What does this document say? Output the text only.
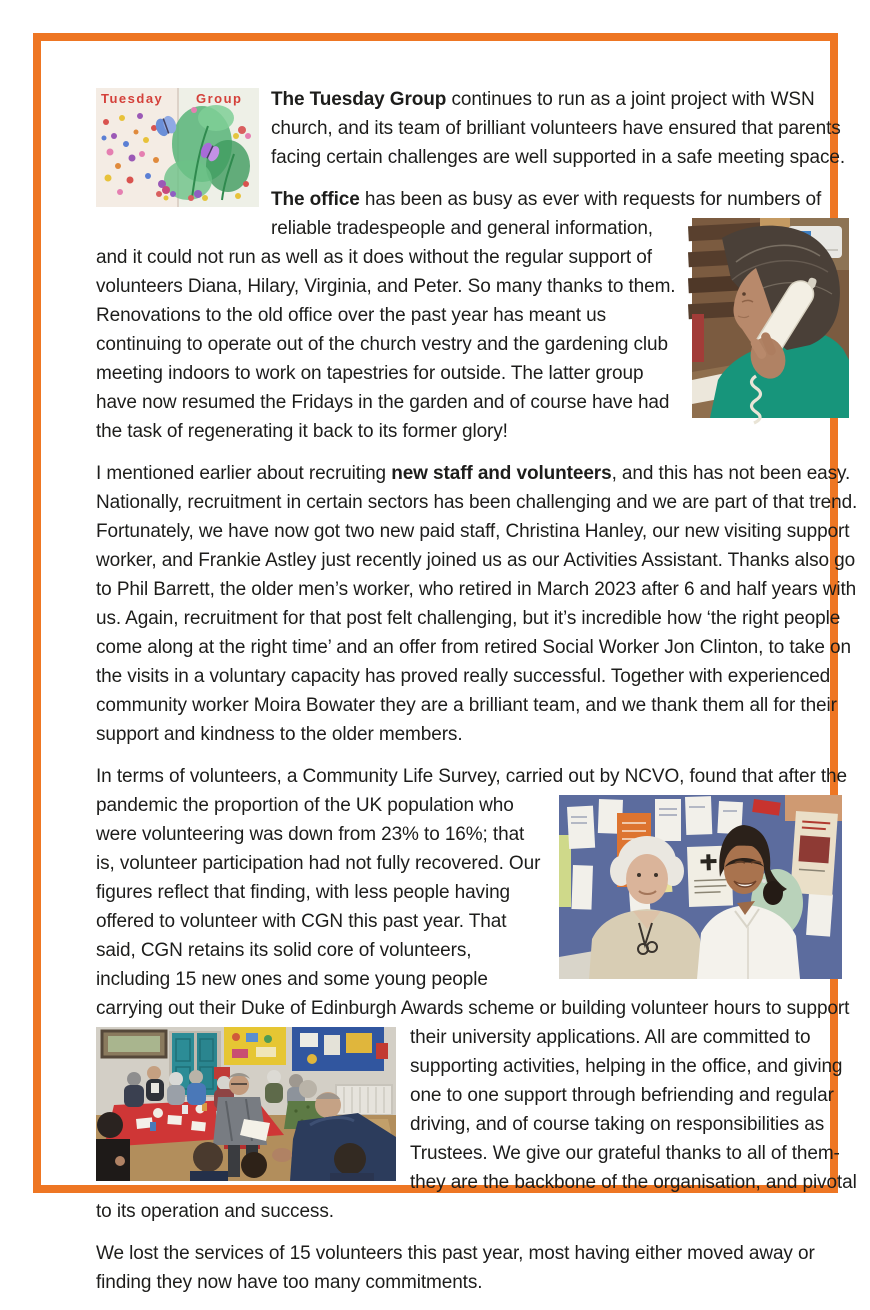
Tuesday	Group	The Tuesday Group continues to run as a joint project with WSN church, and its team of brilliant volunteers have ensured that parents facing certain challenges are well supported in a safe meeting space.

The office has been as busy as ever with requests for numbers of
reliable tradespeople and general information, and it could not run as well as it does without the regular support of volunteers Diana, Hilary, Virginia, and Peter. So many thanks to them. Renovations to the old office over the past year has meant us continuing to operate out of the church vestry and the gardening club meeting indoors to work on tapestries for outside. The latter group have now resumed the Fridays in the garden and of course have had the task of regenerating it back to its former glory!

I mentioned earlier about recruiting new staff and volunteers, and this has not been easy. Nationally, recruitment in certain sectors has been challenging and we are part of that trend. Fortunately, we have now got two new paid staff, Christina Hanley, our new visiting support worker, and Frankie Astley just recently joined us as our Activities Assistant. Thanks also go to Phil Barrett, the older men’s worker, who retired in March 2023 after 6 and half years with us. Again, recruitment for that post felt challenging, but it’s incredible how ‘the right people come along at the right time’ and an offer from retired Social Worker Jon Clinton, to take on the visits in a voluntary capacity has proved really successful. Together with experienced community worker Moira Bowater they are a brilliant team, and we thank them all for their support and kindness to the older members.

In terms of volunteers, a Community Life Survey, carried out by NCVO, found that after the
pandemic the proportion of the UK population who were volunteering was down from 23% to 16%; that is, volunteer participation had not fully recovered. Our figures reflect that finding, with less people having offered to volunteer with CGN this past year. That said, CGN retains its solid core of volunteers, including 15 new ones and some young people carrying out their Duke of Edinburgh Awards scheme or building volunteer hours to support their
university applications. All are committed to supporting activities, helping in the office, and giving one to one support through befriending and regular driving, and of course taking on responsibilities as Trustees. We give our grateful thanks to all of them- they are the backbone of the organisation, and pivotal to its operation and success.

We lost the services of 15 volunteers this past year, most having either moved away or finding they now have too many commitments.
